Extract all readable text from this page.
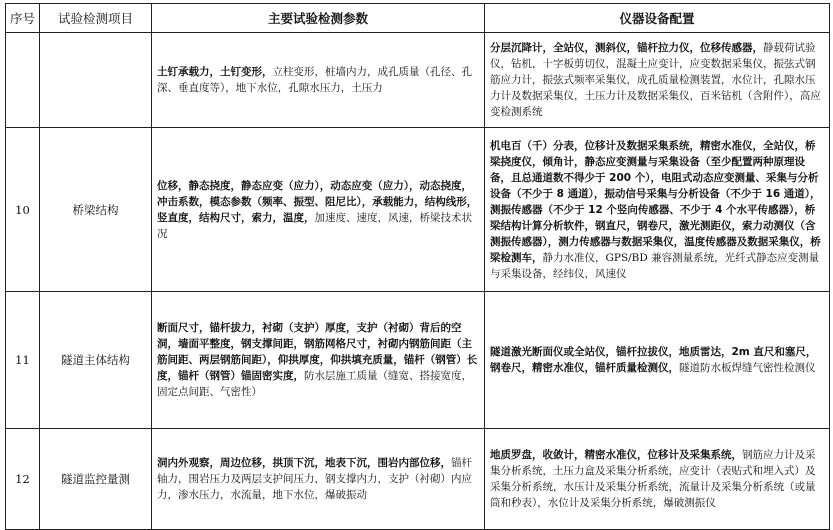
序号	试验检测项目	主要试验检测参数	仪器设备配置
		土钉承载力，土钉变形，立柱变形，桩墙内力，成孔质量（孔径、孔深、垂直度等），地下水位，孔隙水压力，土压力	分层沉降计，全站仪，测斜仪，锚杆拉力仪，位移传感器，静载荷试验仪，钻机，十字板剪切仪，混凝土应变计，应变数据采集仪，振弦式钢筋应力计，振弦式频率采集仪，成孔质量检测装置，水位计，孔隙水压力计及数据采集仪，土压力计及数据采集仪，百米钻机（含附件），高应变检测系统
10	桥梁结构	位移，静态挠度，静态应变（应力），动态应变（应力），动态挠度，冲击系数，模态参数（频率、振型、阻尼比），承载能力，结构线形，竖直度，结构尺寸，索力，温度，加速度、速度，风速，桥梁技术状况	机电百（千）分表，位移计及数据采集系统，精密水准仪，全站仪，桥梁挠度仪，倾角计，静态应变测量与采集设备（至少配置两种原理设备，且总通道数不得少于 200 个），电阻式动态应变测量、采集与分析设备（不少于 8 通道），振动信号采集与分析设备（不少于 16 通道），测振传感器（不少于 12 个竖向传感器、不少于 4 个水平传感器），桥梁结构计算分析软件，钢直尺，钢卷尺，激光测距仪，索力动测仪（含测振传感器），测力传感器与数据采集仪，温度传感器及数据采集仪，桥梁检测车，静力水准仪，GPS/BD 兼容测量系统，光纤式静态应变测量与采集设备，经纬仪，风速仪
11	隧道主体结构	断面尺寸，锚杆拔力，衬砌（支护）厚度，支护（衬砌）背后的空洞，墙面平整度，钢支撑间距，钢筋网格尺寸，衬砌内钢筋间距（主筋间距、两层钢筋间距），仰拱厚度，仰拱填充质量，锚杆（钢管）长度，锚杆（钢管）锚固密实度，防水层施工质量（缝宽、搭接宽度，固定点间距、气密性）	隧道激光断面仪或全站仪，锚杆拉拔仪，地质雷达，2m 直尺和塞尺，钢卷尺，精密水准仪，锚杆质量检测仪，隧道防水板焊缝气密性检测仪
12	隧道监控量测	洞内外观察，周边位移，拱顶下沉，地表下沉，围岩内部位移，锚杆轴力，围岩压力及两层支护间压力，钢支撑内力，支护（衬砌）内应力，渗水压力，水流量，地下水位，爆破振动	地质罗盘，收敛计，精密水准仪，位移计及采集系统，钢筋应力计及采集分析系统，土压力盒及采集分析系统，应变计（表贴式和埋入式）及采集分析系统，水压计及采集分析系统，流量计及采集分析系统（或量筒和秒表），水位计及采集分析系统，爆破测振仪
